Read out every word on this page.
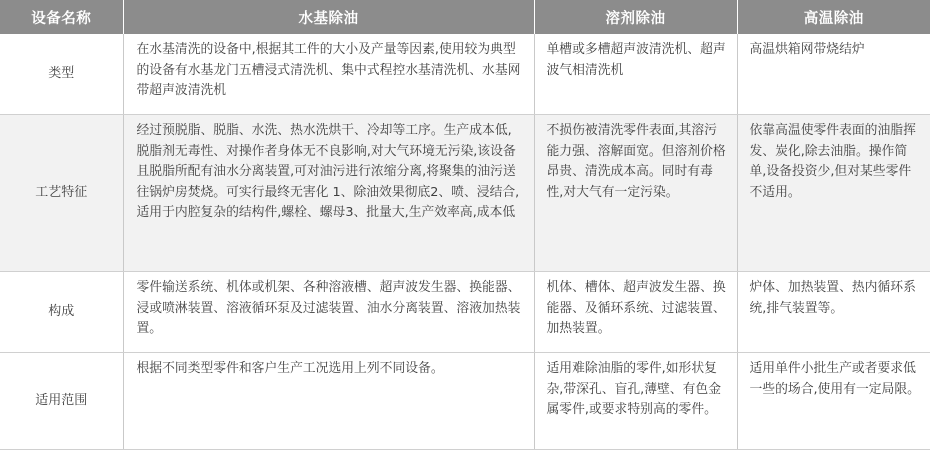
设备名称	水基除油	溶剂除油	高温除油
类型	在水基清洗的设备中,根据其工件的大小及产量等因素,使用较为典型的设备有水基龙门五槽浸式清洗机、集中式程控水基清洗机、水基网带超声波清洗机	单槽或多槽超声波清洗机、超声波气相清洗机	高温烘箱网带烧结炉
工艺特征	经过预脱脂、脱脂、水洗、热水洗烘干、冷却等工序。生产成本低,脱脂剂无毒性、对操作者身体无不良影响,对大气环境无污染,该设备且脱脂所配有油水分离装置,可对油污进行浓缩分离,将聚集的油污送往锅炉房焚烧。可实行最终无害化 1、除油效果彻底2、喷、浸结合,适用于内腔复杂的结构件,螺栓、螺母3、批量大,生产效率高,成本低	不损伤被清洗零件表面,其溶污能力强、溶解面宽。但溶剂价格昂贵、清洗成本高。同时有毒性,对大气有一定污染。	依靠高温使零件表面的油脂挥发、炭化,除去油脂。操作简单,设备投资少,但对某些零件不适用。
构成	零件输送系统、机体或机架、各种溶液槽、超声波发生器、换能器、浸或喷淋装置、溶液循环泵及过滤装置、油水分离装置、溶液加热装置。	机体、槽体、超声波发生器、换能器、及循环系统、过滤装置、加热装置。	炉体、加热装置、热内循环系统,排气装置等。
适用范围	根据不同类型零件和客户生产工况选用上列不同设备。	适用难除油脂的零件,如形状复杂,带深孔、盲孔,薄壁、有色金属零件,或要求特别高的零件。	适用单件小批生产或者要求低一些的场合,使用有一定局限。
